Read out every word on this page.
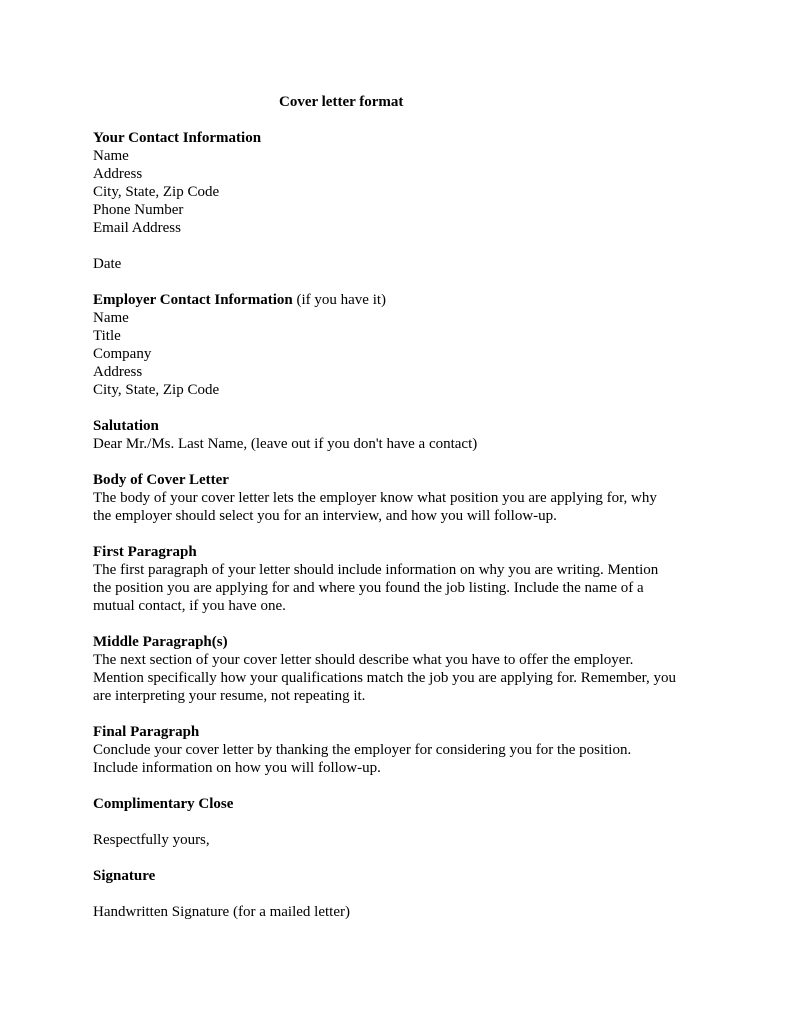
Cover letter format
Your Contact Information
Name
Address
City, State, Zip Code
Phone Number
Email Address
Date
Employer Contact Information (if you have it)
Name
Title
Company
Address
City, State, Zip Code
Salutation
Dear Mr./Ms. Last Name, (leave out if you don't have a contact)
Body of Cover Letter
The body of your cover letter lets the employer know what position you are applying for, why
the employer should select you for an interview, and how you will follow-up.
First Paragraph
The first paragraph of your letter should include information on why you are writing. Mention
the position you are applying for and where you found the job listing. Include the name of a
mutual contact, if you have one.
Middle Paragraph(s)
The next section of your cover letter should describe what you have to offer the employer.
Mention specifically how your qualifications match the job you are applying for. Remember, you
are interpreting your resume, not repeating it.
Final Paragraph
Conclude your cover letter by thanking the employer for considering you for the position.
Include information on how you will follow-up.
Complimentary Close
Respectfully yours,
Signature
Handwritten Signature (for a mailed letter)
